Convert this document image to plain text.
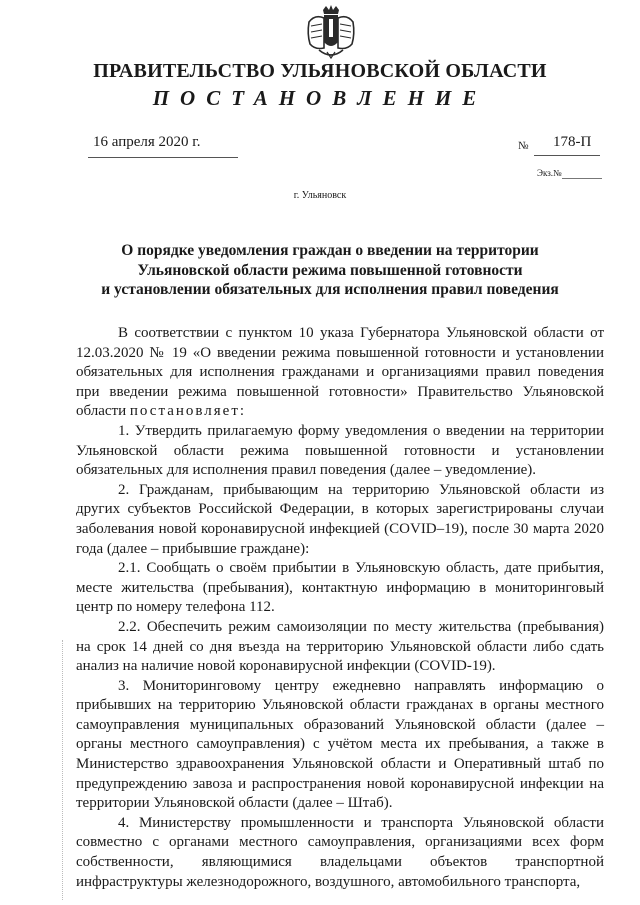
ПРАВИТЕЛЬСТВО УЛЬЯНОВСКОЙ ОБЛАСТИ
ПОСТАНОВЛЕНИЕ
16 апреля 2020 г.	№ 178-П
Экз.№
г. Ульяновск
О порядке уведомления граждан о введении на территории
Ульяновской области режима повышенной готовности
и установлении обязательных для исполнения правил поведения

В соответствии с пунктом 10 указа Губернатора Ульяновской области от 12.03.2020 № 19 «О введении режима повышенной готовности и установлении обязательных для исполнения гражданами и организациями правил поведения при введении режима повышенной готовности» Правительство Ульяновской области постановляет:

1. Утвердить прилагаемую форму уведомления о введении на территории Ульяновской области режима повышенной готовности и установлении обязательных для исполнения правил поведения (далее – уведомление).

2. Гражданам, прибывающим на территорию Ульяновской области из других субъектов Российской Федерации, в которых зарегистрированы случаи заболевания новой коронавирусной инфекцией (COVID–19), после 30 марта 2020 года (далее – прибывшие граждане):

2.1. Сообщать о своём прибытии в Ульяновскую область, дате прибытия, месте жительства (пребывания), контактную информацию в мониторинговый центр по номеру телефона 112.

2.2. Обеспечить режим самоизоляции по месту жительства (пребывания) на срок 14 дней со дня въезда на территорию Ульяновской области либо сдать анализ на наличие новой коронавирусной инфекции (COVID-19).

3. Мониторинговому центру ежедневно направлять информацию о прибывших на территорию Ульяновской области гражданах в органы местного самоуправления муниципальных образований Ульяновской области (далее – органы местного самоуправления) с учётом места их пребывания, а также в Министерство здравоохранения Ульяновской области и Оперативный штаб по предупреждению завоза и распространения новой коронавирусной инфекции на территории Ульяновской области (далее – Штаб).

4. Министерству промышленности и транспорта Ульяновской области совместно с органами местного самоуправления, организациями всех форм собственности, являющимися владельцами объектов транспортной инфраструктуры железнодорожного, воздушного, автомобильного транспорта,
